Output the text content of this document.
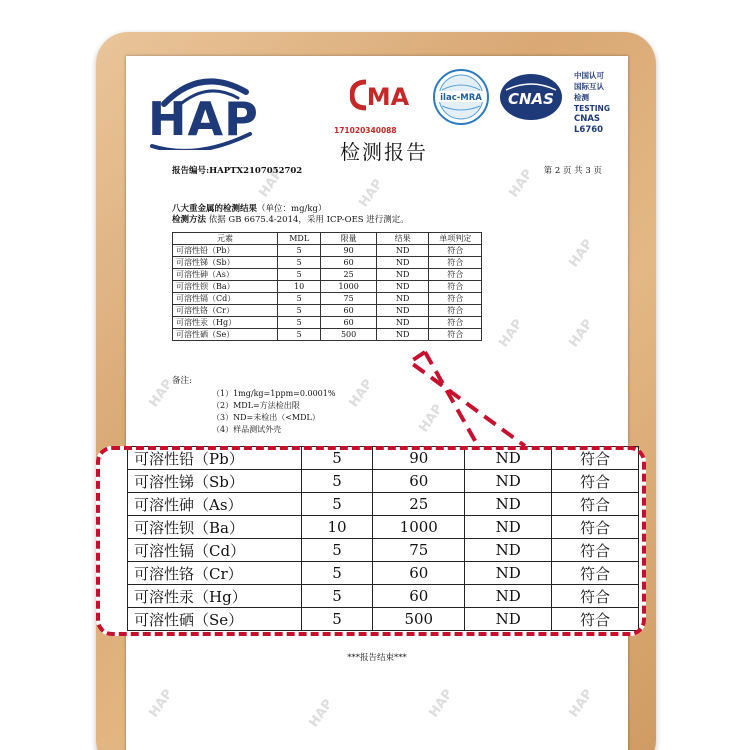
HAP	HAP	HAP
HAP
HAP	HAP
HAP
HAP
HAP
HAP	HAP	HAP	HAP
HAP	MA	ilac-MRA CNAS
中国认可
国际互认
检测
TESTING
CNAS L6760
171020340088
检测报告
报告编号:HAPTX2107052702	第 2 页 共 3 页
八大重金属的检测结果（单位：mg/kg）
检测方法 依据 GB 6675.4-2014，采用 ICP-OES 进行测定。
元素	MDL	限量	结果	单项判定
可溶性铅（Pb）	5	90	ND	符合
可溶性锑（Sb）	5	60	ND	符合
可溶性砷（As）	5	25	ND	符合
可溶性钡（Ba）	10	1000	ND	符合
可溶性镉（Cd）	5	75	ND	符合
可溶性铬（Cr）	5	60	ND	符合
可溶性汞（Hg）	5	60	ND	符合
可溶性硒（Se）	5	500	ND	符合
备注:
（1）1mg/kg=1ppm=0.0001%
（2）MDL=方法检出限
（3）ND=未检出（<MDL）
（4）样品测试外壳
***报告结束***
可溶性铅（Pb）	5	90	ND	符合
可溶性锑（Sb）	5	60	ND	符合
可溶性砷（As）	5	25	ND	符合
可溶性钡（Ba）	10	1000	ND	符合
可溶性镉（Cd）	5	75	ND	符合
可溶性铬（Cr）	5	60	ND	符合
可溶性汞（Hg）	5	60	ND	符合
可溶性硒（Se）	5	500	ND	符合
